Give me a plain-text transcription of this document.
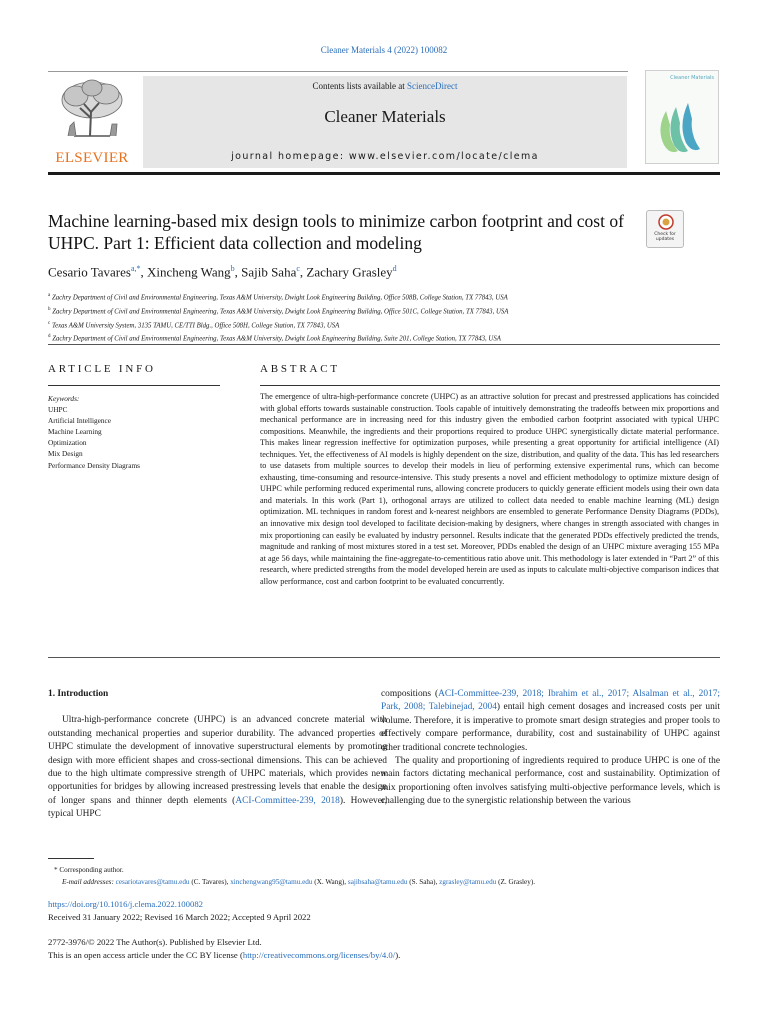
Cleaner Materials 4 (2022) 100082
ELSEVIER
Contents lists available at ScienceDirect
Cleaner Materials
journal homepage: www.elsevier.com/locate/clema
Cleaner Materials
Machine learning-based mix design tools to minimize carbon footprint and cost of UHPC. Part 1: Efficient data collection and modeling	Check for updates
Cesario Tavares$^{a,*}$, Xincheng Wang$^b$, Sajib Saha$^c$, Zachary Grasley$^d$
$^a$ Zachry Department of Civil and Environmental Engineering, Texas A&M University, Dwight Look Engineering Building, Office 508B, College Station, TX 77843, USA
$^b$ Zachry Department of Civil and Environmental Engineering, Texas A&M University, Dwight Look Engineering Building, Office 501C, College Station, TX 77843, USA
$^c$ Texas A&M University System, 3135 TAMU, CE/TTI Bldg., Office 508H, College Station, TX 77843, USA
$^d$ Zachry Department of Civil and Environmental Engineering, Texas A&M University, Dwight Look Engineering Building, Suite 201, College Station, TX 77843, USA
ARTICLE INFO
Keywords:
UHPC
Artificial Intelligence
Machine Learning
Optimization
Mix Design
Performance Density Diagrams
ABSTRACT

The emergence of ultra-high-performance concrete (UHPC) as an attractive solution for precast and prestressed applications has coincided with global efforts towards sustainable construction. Tools capable of intuitively demonstrating the tradeoffs between mix proportions and mechanical performance are in increasing need for this industry given the embodied carbon footprint associated with typical UHPC compositions. Meanwhile, the ingredients and their proportions required to produce UHPC synergistically dictate material performance. This makes linear regression ineffective for optimization purposes, while presenting a great opportunity for artificial intelligence (AI) techniques. Yet, the effectiveness of AI models is highly dependent on the size, distribution, and quality of the data. This has led researchers to use datasets from multiple sources to develop their models in lieu of performing extensive experimental runs, which can become exhausting, time-consuming and resource-intensive. This study presents a novel and efficient methodology to optimize mixture design of UHPC while performing reduced experimental runs, allowing concrete producers to quickly generate efficient models using their own data and materials. In this work (Part 1), orthogonal arrays are utilized to collect data needed to enable machine learning (ML) design optimization. ML techniques in random forest and k-nearest neighbors are ensembled to generate Performance Density Diagrams (PDDs), an innovative mix design tool developed to facilitate decision-making by designers, where changes in strength associated with changes in mix proportioning can easily be evaluated by industry personnel. Results indicate that the generated PDDs effectively predicted the trends, magnitude and ranking of most mixtures stored in a test set. Moreover, PDDs enabled the design of an UHPC mixture averaging 155 MPa at age 56 days, while maintaining the fine-aggregate-to-cementitious ratio above unit. This methodology is later extended in “Part 2” of this research, where predicted strengths from the model developed herein are used as inputs to calculate multi-objective comparison indices that allow performance, cost and carbon footprint to be evaluated concurrently.

1. Introduction

Ultra-high-performance concrete (UHPC) is an advanced concrete material with outstanding mechanical properties and superior durability. The advanced properties of UHPC stimulate the development of innovative superstructural elements by promoting design with more efficient shapes and cross-sectional dimensions. This can be achieved due to the high ultimate compressive strength of UHPC materials, which provides new opportunities for bridges by allowing increased prestressing levels that enable the design of longer spans and thinner depth elements (ACI-Committee-239, 2018). However, typical UHPC

compositions (ACI-Committee-239, 2018; Ibrahim et al., 2017; Alsalman et al., 2017; Park, 2008; Talebinejad, 2004) entail high cement dosages and increased costs per unit volume. Therefore, it is imperative to promote smart design strategies and proper tools to effectively compare performance, durability, cost and sustainability of UHPC against other traditional concrete technologies.

The quality and proportioning of ingredients required to produce UHPC is one of the main factors dictating mechanical performance, cost and sustainability. Optimization of mix proportioning often involves satisfying multi-objective performance levels, which is challenging due to the synergistic relationship between the various

* Corresponding author.
E-mail addresses: cesariotavares@tamu.edu (C. Tavares), xinchengwang95@tamu.edu (X. Wang), sajibsaha@tamu.edu (S. Saha), zgrasley@tamu.edu (Z. Grasley).
https://doi.org/10.1016/j.clema.2022.100082
Received 31 January 2022; Revised 16 March 2022; Accepted 9 April 2022
2772-3976/© 2022 The Author(s). Published by Elsevier Ltd.
This is an open access article under the CC BY license (http://creativecommons.org/licenses/by/4.0/).
